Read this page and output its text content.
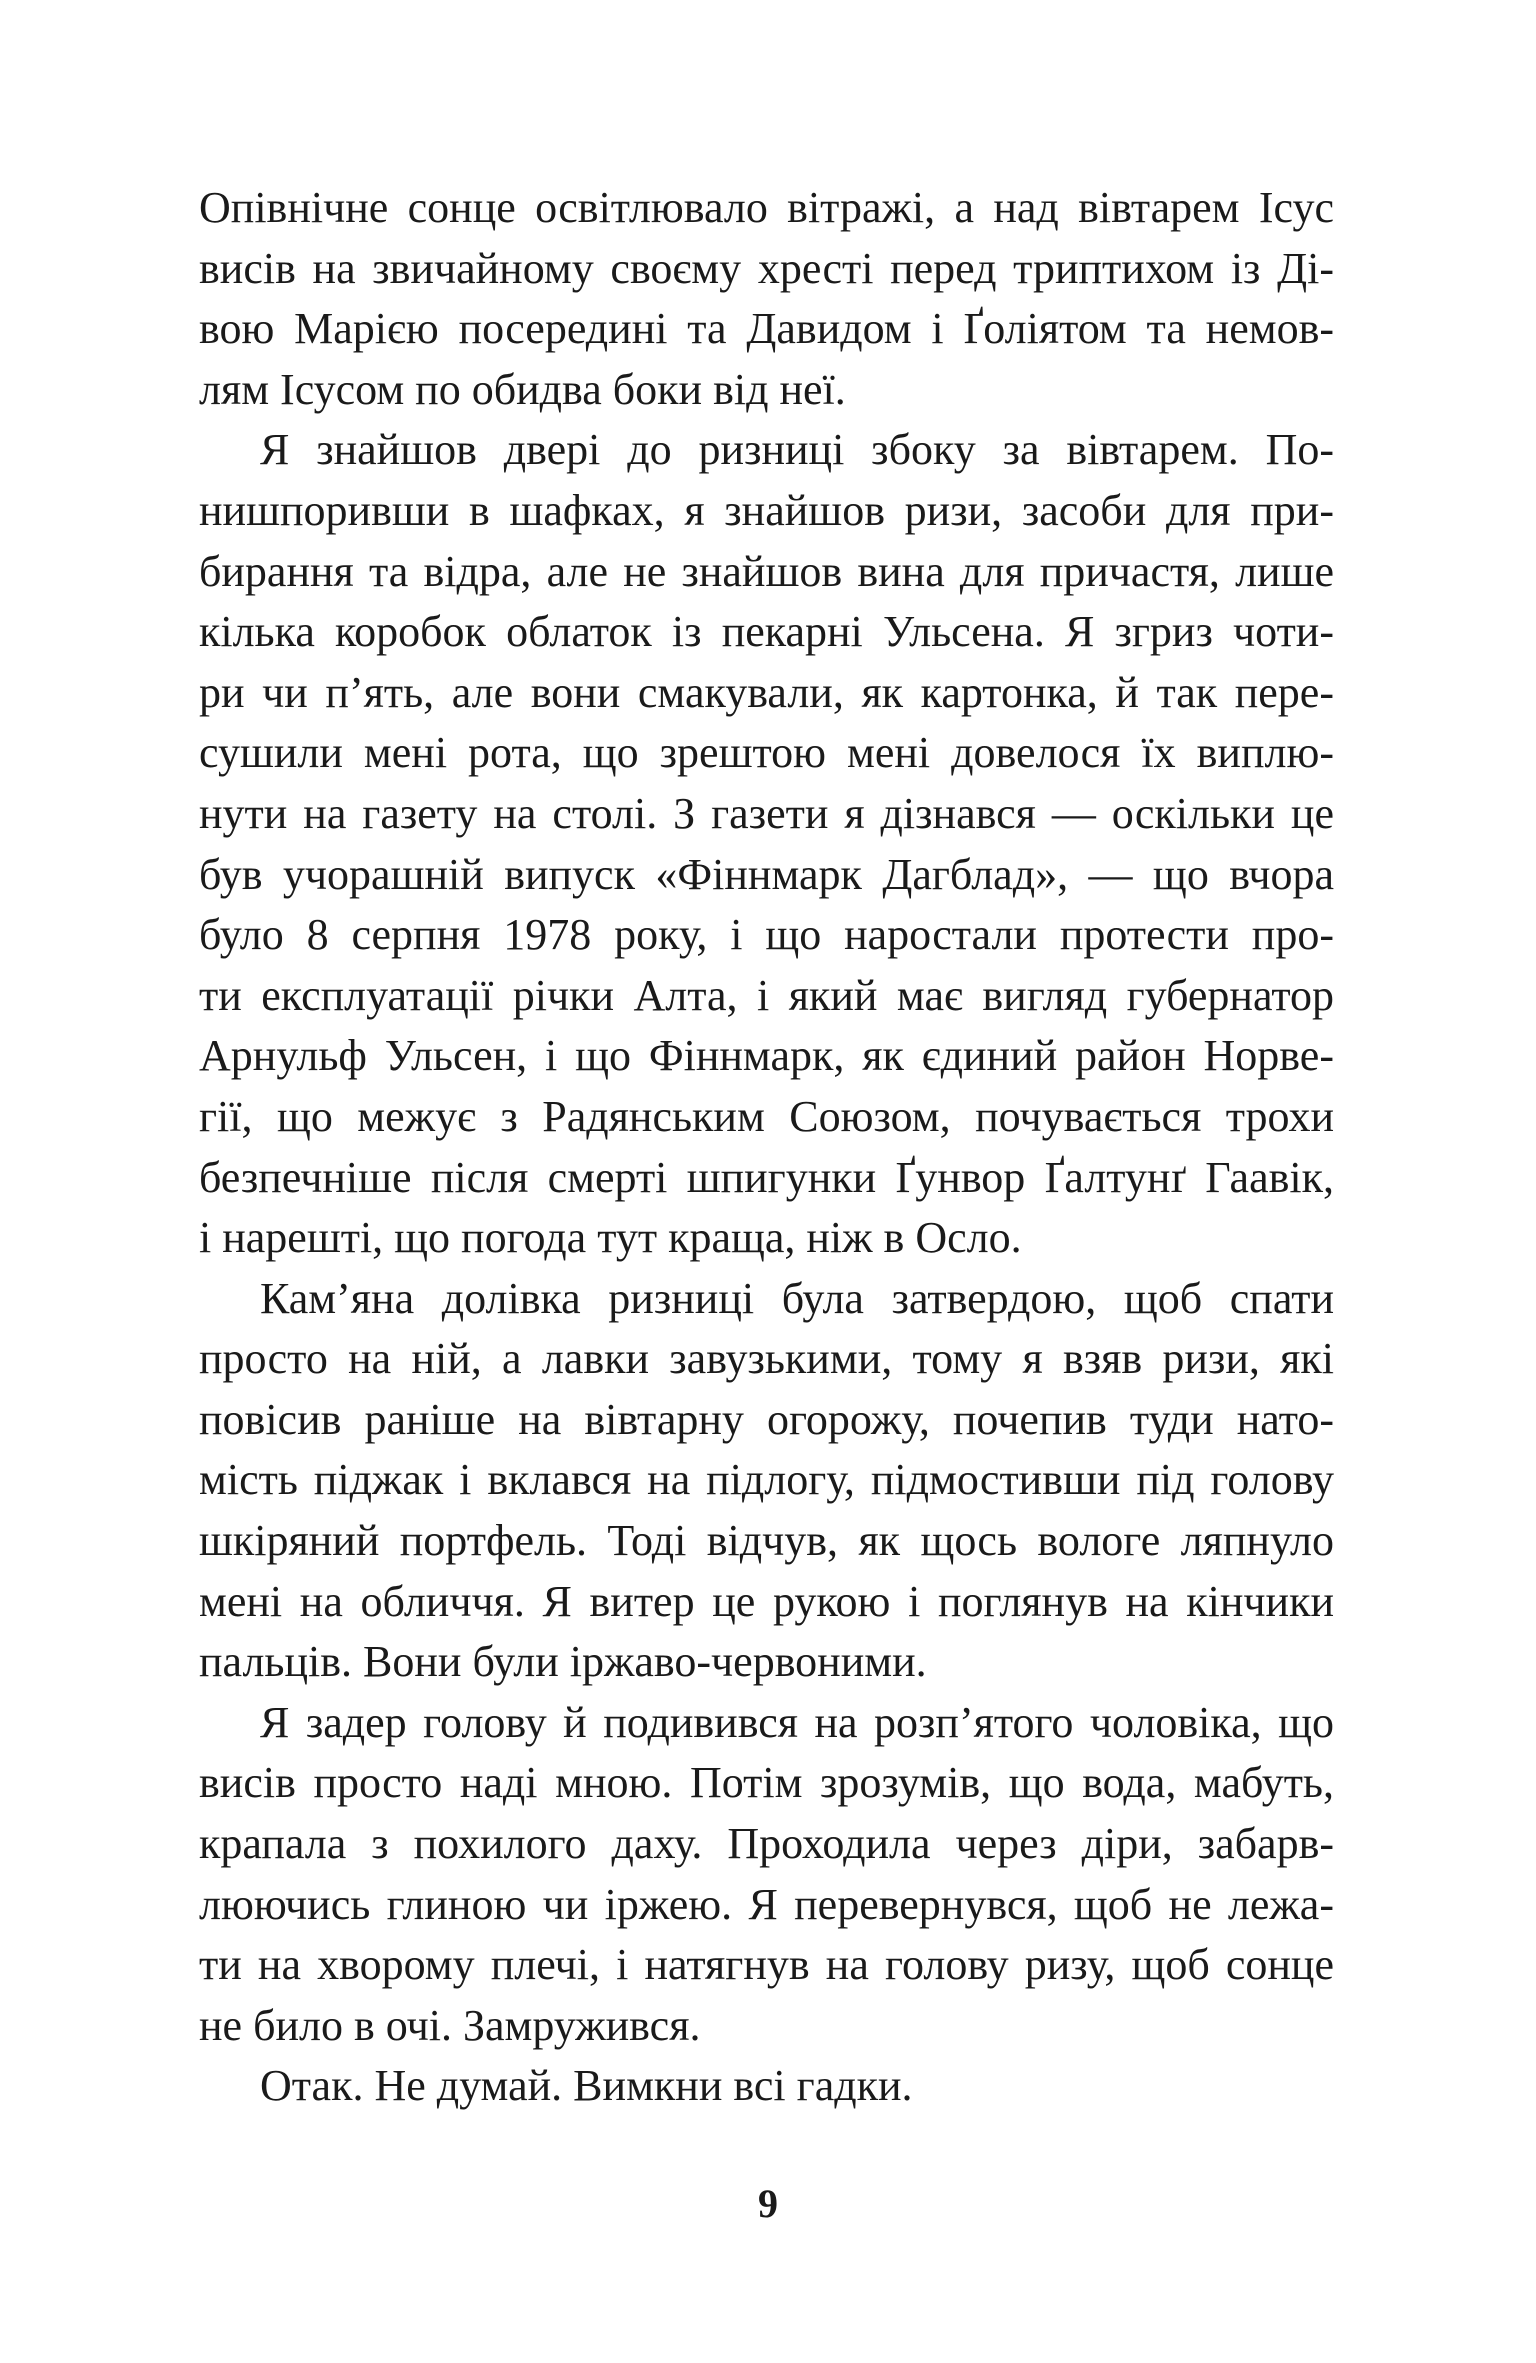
Опівнічне сонце освітлювало вітражі, а над вівтарем Ісус
висів на звичайному своєму хресті перед триптихом із Ді-
вою Марією посередині та Давидом і Ґоліятом та немов-
лям Ісусом по обидва боки від неї.
Я знайшов двері до ризниці збоку за вівтарем. По-
нишпоривши в шафках, я знайшов ризи, засоби для при-
бирання та відра, але не знайшов вина для причастя, лише
кілька коробок облаток із пекарні Ульсена. Я згриз чоти-
ри чи п’ять, але вони смакували, як картонка, й так пере-
сушили мені рота, що зрештою мені довелося їх виплю-
нути на газету на столі. З газети я дізнався — оскільки це
був учорашній випуск «Фіннмарк Дагблад», — що вчора
було 8 серпня 1978 року, і що наростали протести про-
ти експлуатації річки Алта, і який має вигляд губернатор
Арнульф Ульсен, і що Фіннмарк, як єдиний район Норве-
гії, що межує з Радянським Союзом, почувається трохи
безпечніше після смерті шпигунки Ґунвор Ґалтунґ Гаавік,
і нарешті, що погода тут краща, ніж в Осло.
Кам’яна долівка ризниці була затвердою, щоб спати
просто на ній, а лавки завузькими, тому я взяв ризи, які
повісив раніше на вівтарну огорожу, почепив туди нато-
мість піджак і вклався на підлогу, підмостивши під голову
шкіряний портфель. Тоді відчув, як щось вологе ляпнуло
мені на обличчя. Я витер це рукою і поглянув на кінчики
пальців. Вони були іржаво-червоними.
Я задер голову й подивився на розп’ятого чоловіка, що
висів просто наді мною. Потім зрозумів, що вода, мабуть,
крапала з похилого даху. Проходила через діри, забарв-
люючись глиною чи іржею. Я перевернувся, щоб не лежа-
ти на хворому плечі, і натягнув на голову ризу, щоб сонце
не било в очі. Замружився.
Отак. Не думай. Вимкни всі гадки.
9
